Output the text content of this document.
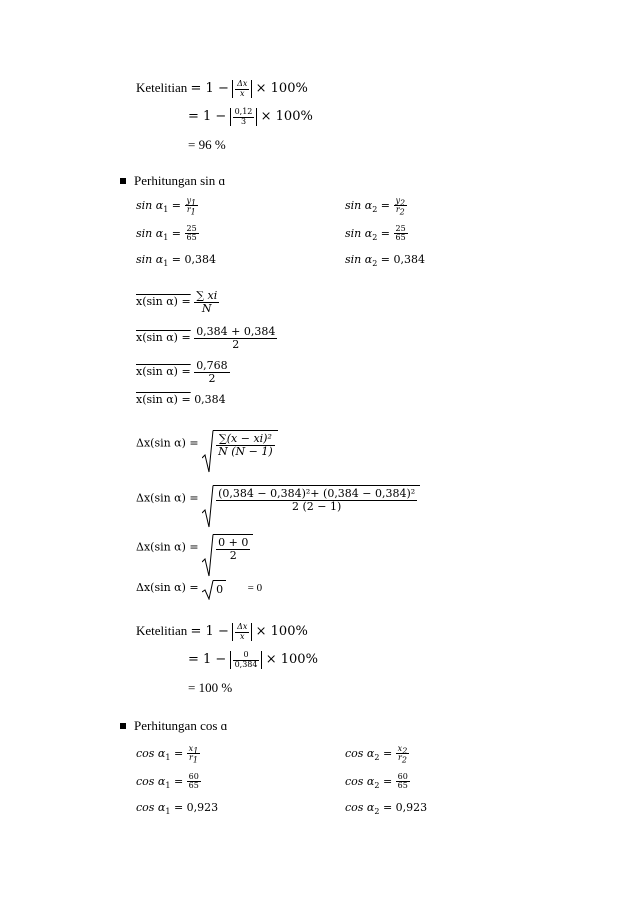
Ketelitian = $1 - \frac{\Delta x}{x} \times 100\%$
= $1 - \frac{0,12}{3} \times 100\%$
= 96 %
Perhitungan sin ɑ
$\sin \alpha_1 = \frac{y_1}{r_1}$
$\sin \alpha_1 = \frac{25}{65}$
$\sin \alpha_1 = 0,384$
$\sin \alpha_2 = \frac{y_2}{r_2}$
$\sin \alpha_2 = \frac{25}{65}$
$\sin \alpha_2 = 0,384$
x(sin $\alpha) = \frac{\sum xi}{N}$
x(sin $\alpha) = \frac{0,384 + 0,384}{2}$
x(sin $\alpha) = \frac{0,768}{2}$
x(sin α) = 0,384
Δx(sin $\alpha) = \frac{\text{∑(x − xi)²}}{N (N - 1)}$
Δx(sin $\alpha) = \frac{\text{(0,384 − 0,384)²+ (0,384 − 0,384)²}}{2 (2 - 1)}$
Δx(sin $\alpha) = \frac{0 + 0}{2}$
Δx(sin α) = 0 = 0
Ketelitian = $1 - \frac{\Delta x}{x} \times 100\%$
= $1 - \frac{0}{0,384} \times 100\%$
= 100 %
Perhitungan cos ɑ
$\cos \alpha_1 = \frac{x_1}{r_1}$
$\cos \alpha_1 = \frac{60}{65}$
$\cos \alpha_1 = 0,923$
$\cos \alpha_2 = \frac{x_2}{r_2}$
$\cos \alpha_2 = \frac{60}{65}$
$\cos \alpha_2 = 0,923$
